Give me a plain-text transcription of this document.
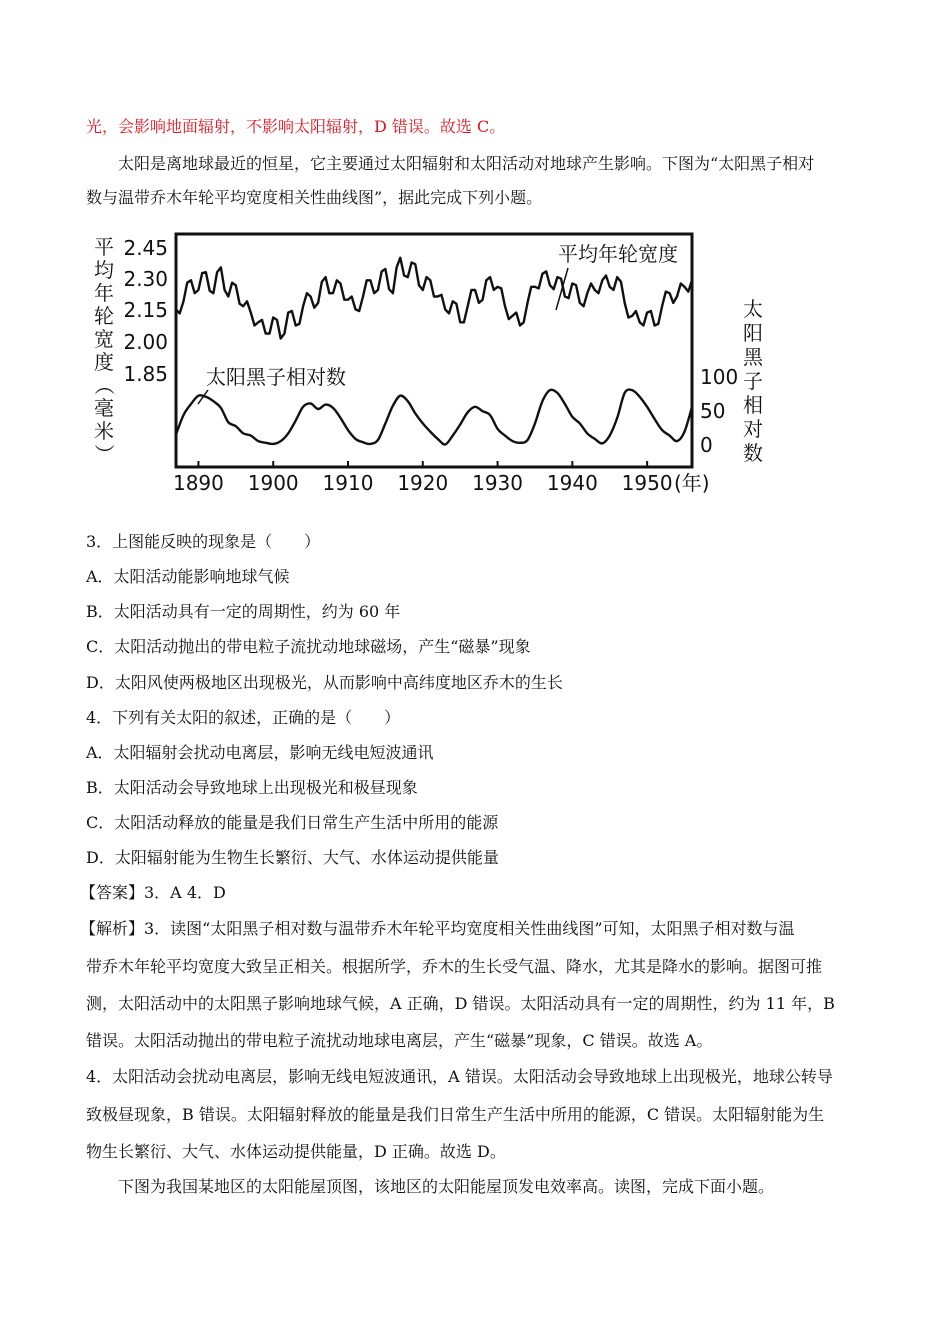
光，会影响地面辐射，不影响太阳辐射，D 错误。故选 C。
太阳是离地球最近的恒星，它主要通过太阳辐射和太阳活动对地球产生影响。下图为“太阳黑子相对
数与温带乔木年轮平均宽度相关性曲线图”，据此完成下列小题。
平
均
年
轮
宽
度
（
毫
米
）
太
阳
黑
子
相
对
数
2.45
2.30
2.15
2.00
1.85	100
50
0
平均年轮宽度
太阳黑子相对数
1890 1900 1910 1920 1930 1940 1950 (年)
3．上图能反映的现象是（　　）
A．太阳活动能影响地球气候
B．太阳活动具有一定的周期性，约为 60 年
C．太阳活动抛出的带电粒子流扰动地球磁场，产生“磁暴”现象
D．太阳风使两极地区出现极光，从而影响中高纬度地区乔木的生长
4．下列有关太阳的叙述，正确的是（　　）
A．太阳辐射会扰动电离层，影响无线电短波通讯
B．太阳活动会导致地球上出现极光和极昼现象
C．太阳活动释放的能量是我们日常生产生活中所用的能源
D．太阳辐射能为生物生长繁衍、大气、水体运动提供能量
【答案】3．A 4．D
【解析】3．读图“太阳黑子相对数与温带乔木年轮平均宽度相关性曲线图”可知，太阳黑子相对数与温
带乔木年轮平均宽度大致呈正相关。根据所学，乔木的生长受气温、降水，尤其是降水的影响。据图可推
测，太阳活动中的太阳黑子影响地球气候，A 正确，D 错误。太阳活动具有一定的周期性，约为 11 年，B
错误。太阳活动抛出的带电粒子流扰动地球电离层，产生“磁暴”现象，C 错误。故选 A。
4．太阳活动会扰动电离层，影响无线电短波通讯，A 错误。太阳活动会导致地球上出现极光，地球公转导
致极昼现象，B 错误。太阳辐射释放的能量是我们日常生产生活中所用的能源，C 错误。太阳辐射能为生
物生长繁衍、大气、水体运动提供能量，D 正确。故选 D。
下图为我国某地区的太阳能屋顶图，该地区的太阳能屋顶发电效率高。读图，完成下面小题。
